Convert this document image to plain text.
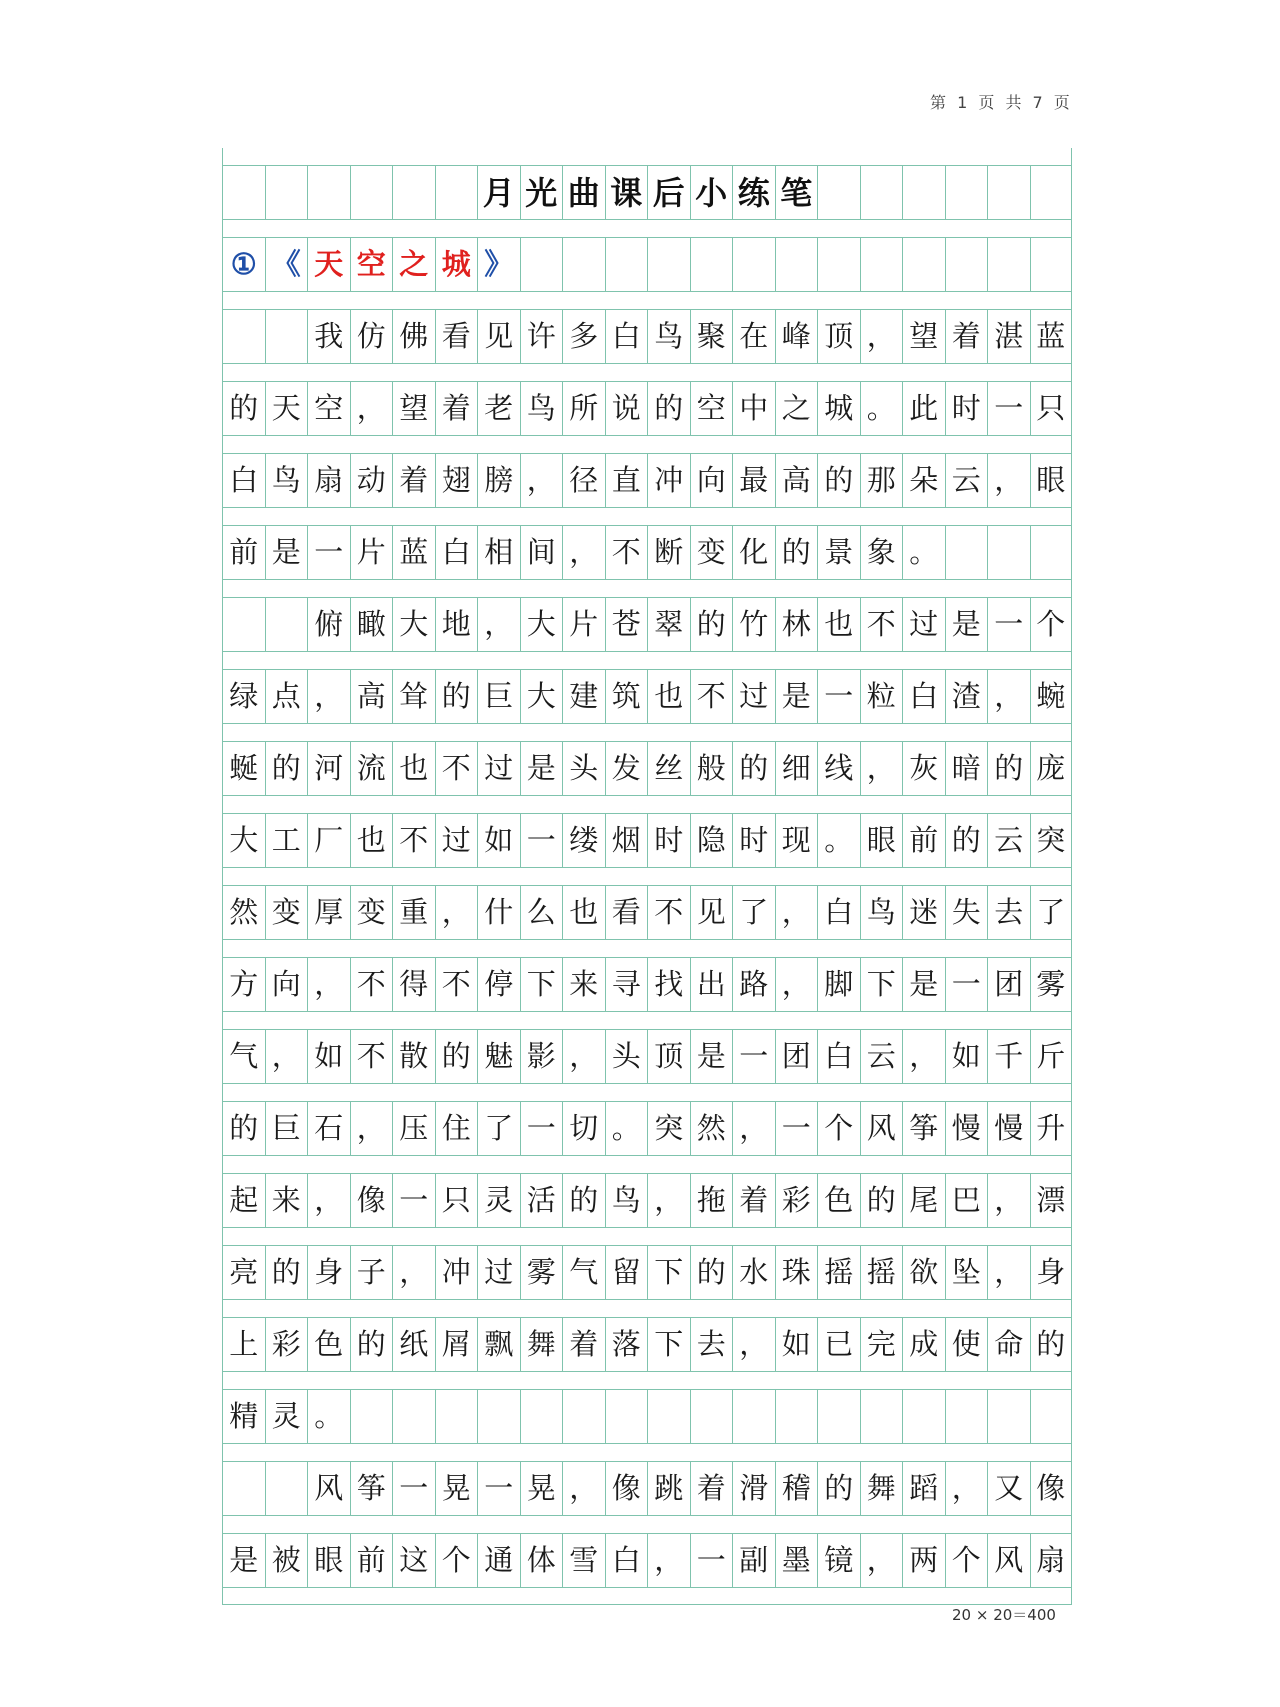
第 1 页 共 7 页
月 光 曲 课 后 小 练 笔
① 《 天 空 之 城 》
我 仿 佛 看 见 许 多 白 鸟 聚 在 峰 顶 ， 望 着 湛 蓝
的 天 空 ， 望 着 老 鸟 所 说 的 空 中 之 城 。 此 时 一 只
白 鸟 扇 动 着 翅 膀 ， 径 直 冲 向 最 高 的 那 朵 云 ， 眼
前 是 一 片 蓝 白 相 间 ， 不 断 变 化 的 景 象 。
俯 瞰 大 地 ， 大 片 苍 翠 的 竹 林 也 不 过 是 一 个
绿 点 ， 高 耸 的 巨 大 建 筑 也 不 过 是 一 粒 白 渣 ， 蜿
蜒 的 河 流 也 不 过 是 头 发 丝 般 的 细 线 ， 灰 暗 的 庞
大 工 厂 也 不 过 如 一 缕 烟 时 隐 时 现 。 眼 前 的 云 突
然 变 厚 变 重 ， 什 么 也 看 不 见 了 ， 白 鸟 迷 失 去 了
方 向 ， 不 得 不 停 下 来 寻 找 出 路 ， 脚 下 是 一 团 雾
气 ， 如 不 散 的 魅 影 ， 头 顶 是 一 团 白 云 ， 如 千 斤
的 巨 石 ， 压 住 了 一 切 。 突 然 ， 一 个 风 筝 慢 慢 升
起 来 ， 像 一 只 灵 活 的 鸟 ， 拖 着 彩 色 的 尾 巴 ， 漂
亮 的 身 子 ， 冲 过 雾 气 留 下 的 水 珠 摇 摇 欲 坠 ， 身
上 彩 色 的 纸 屑 飘 舞 着 落 下 去 ， 如 已 完 成 使 命 的
精 灵 。
风 筝 一 晃 一 晃 ， 像 跳 着 滑 稽 的 舞 蹈 ， 又 像
是 被 眼 前 这 个 通 体 雪 白 ， 一 副 墨 镜 ， 两 个 风 扇
20 × 20＝400
